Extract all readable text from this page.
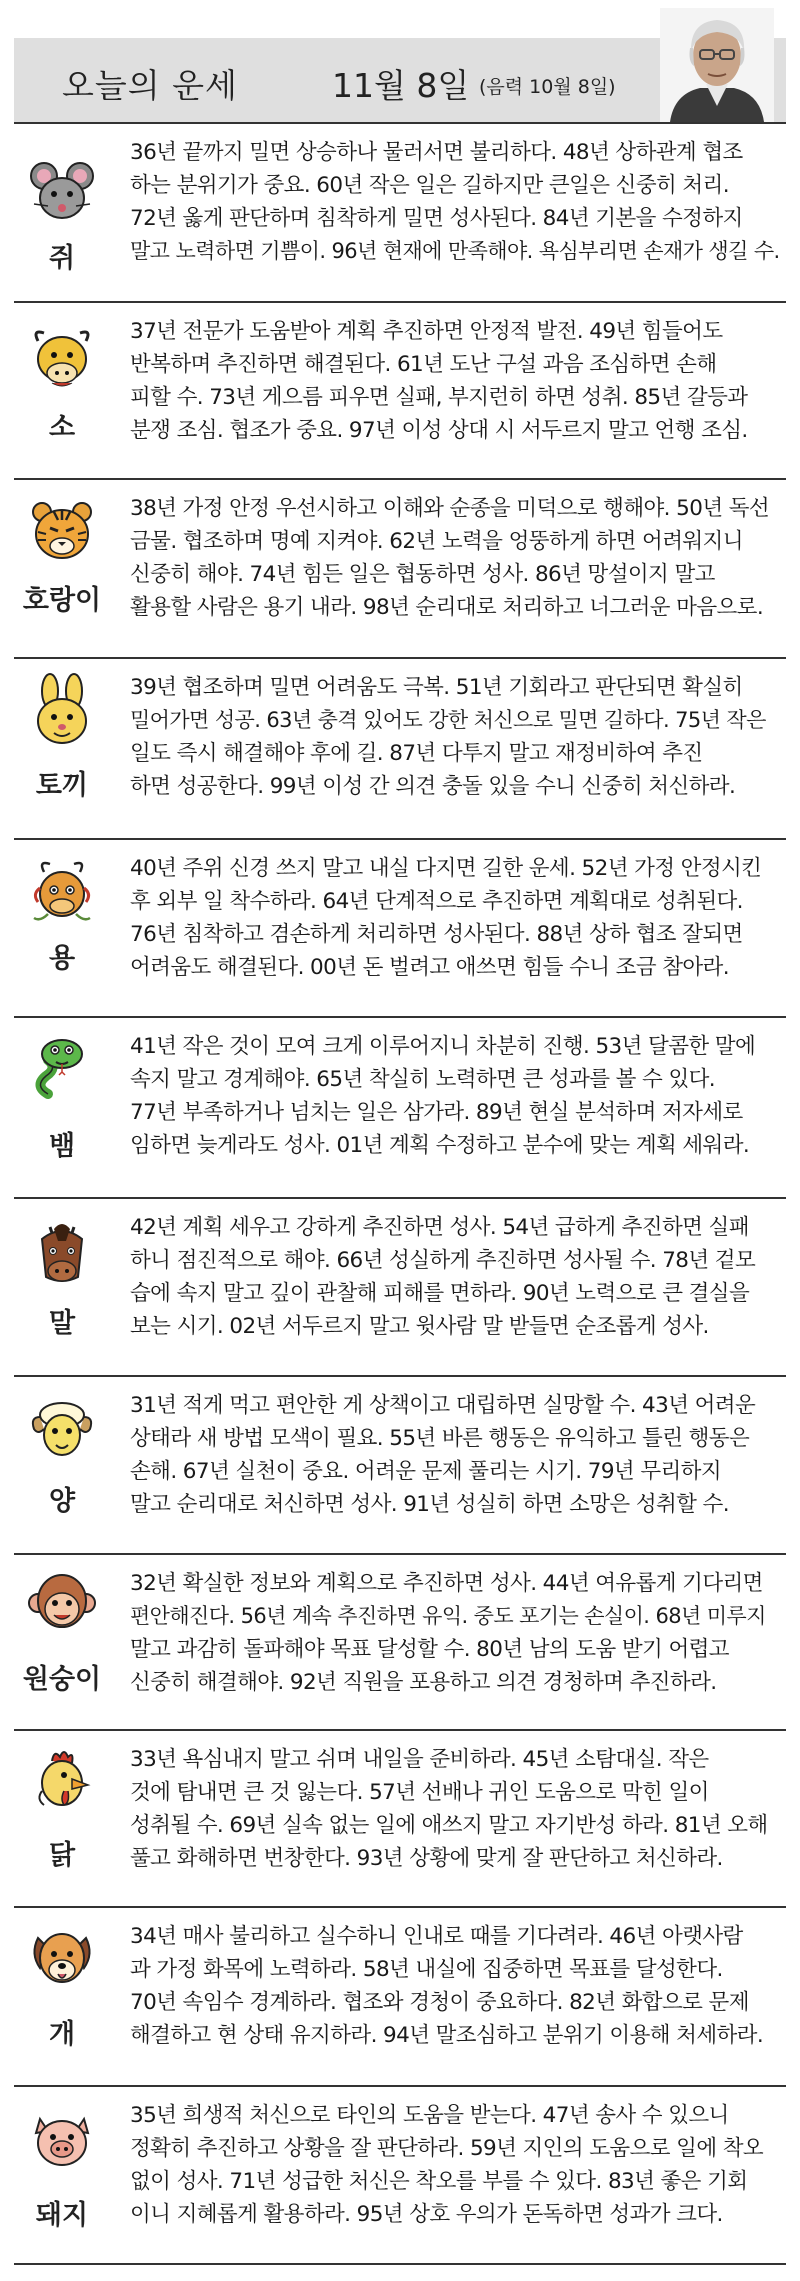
오늘의 운세	11월 8일 (음력 10월 8일)
쥐

36년 끝까지 밀면 상승하나 물러서면 불리하다. 48년 상하관계 협조
하는 분위기가 중요. 60년 작은 일은 길하지만 큰일은 신중히 처리.
72년 옳게 판단하며 침착하게 밀면 성사된다. 84년 기본을 수정하지
말고 노력하면 기쁨이. 96년 현재에 만족해야. 욕심부리면 손재가 생길 수.

소

37년 전문가 도움받아 계획 추진하면 안정적 발전. 49년 힘들어도
반복하며 추진하면 해결된다. 61년 도난 구설 과음 조심하면 손해
피할 수. 73년 게으름 피우면 실패, 부지런히 하면 성취. 85년 갈등과
분쟁 조심. 협조가 중요. 97년 이성 상대 시 서두르지 말고 언행 조심.

호랑이

38년 가정 안정 우선시하고 이해와 순종을 미덕으로 행해야. 50년 독선
금물. 협조하며 명예 지켜야. 62년 노력을 엉뚱하게 하면 어려워지니
신중히 해야. 74년 힘든 일은 협동하면 성사. 86년 망설이지 말고
활용할 사람은 용기 내라. 98년 순리대로 처리하고 너그러운 마음으로.

토끼

39년 협조하며 밀면 어려움도 극복. 51년 기회라고 판단되면 확실히
밀어가면 성공. 63년 충격 있어도 강한 처신으로 밀면 길하다. 75년 작은
일도 즉시 해결해야 후에 길. 87년 다투지 말고 재정비하여 추진
하면 성공한다. 99년 이성 간 의견 충돌 있을 수니 신중히 처신하라.

용

40년 주위 신경 쓰지 말고 내실 다지면 길한 운세. 52년 가정 안정시킨
후 외부 일 착수하라. 64년 단계적으로 추진하면 계획대로 성취된다.
76년 침착하고 겸손하게 처리하면 성사된다. 88년 상하 협조 잘되면
어려움도 해결된다. 00년 돈 벌려고 애쓰면 힘들 수니 조금 참아라.

뱀

41년 작은 것이 모여 크게 이루어지니 차분히 진행. 53년 달콤한 말에
속지 말고 경계해야. 65년 착실히 노력하면 큰 성과를 볼 수 있다.
77년 부족하거나 넘치는 일은 삼가라. 89년 현실 분석하며 저자세로
임하면 늦게라도 성사. 01년 계획 수정하고 분수에 맞는 계획 세워라.

말

42년 계획 세우고 강하게 추진하면 성사. 54년 급하게 추진하면 실패
하니 점진적으로 해야. 66년 성실하게 추진하면 성사될 수. 78년 겉모
습에 속지 말고 깊이 관찰해 피해를 면하라. 90년 노력으로 큰 결실을
보는 시기. 02년 서두르지 말고 윗사람 말 받들면 순조롭게 성사.

양

31년 적게 먹고 편안한 게 상책이고 대립하면 실망할 수. 43년 어려운
상태라 새 방법 모색이 필요. 55년 바른 행동은 유익하고 틀린 행동은
손해. 67년 실천이 중요. 어려운 문제 풀리는 시기. 79년 무리하지
말고 순리대로 처신하면 성사. 91년 성실히 하면 소망은 성취할 수.

원숭이

32년 확실한 정보와 계획으로 추진하면 성사. 44년 여유롭게 기다리면
편안해진다. 56년 계속 추진하면 유익. 중도 포기는 손실이. 68년 미루지
말고 과감히 돌파해야 목표 달성할 수. 80년 남의 도움 받기 어렵고
신중히 해결해야. 92년 직원을 포용하고 의견 경청하며 추진하라.

닭

33년 욕심내지 말고 쉬며 내일을 준비하라. 45년 소탐대실. 작은
것에 탐내면 큰 것 잃는다. 57년 선배나 귀인 도움으로 막힌 일이
성취될 수. 69년 실속 없는 일에 애쓰지 말고 자기반성 하라. 81년 오해
풀고 화해하면 번창한다. 93년 상황에 맞게 잘 판단하고 처신하라.

개

34년 매사 불리하고 실수하니 인내로 때를 기다려라. 46년 아랫사람
과 가정 화목에 노력하라. 58년 내실에 집중하면 목표를 달성한다.
70년 속임수 경계하라. 협조와 경청이 중요하다. 82년 화합으로 문제
해결하고 현 상태 유지하라. 94년 말조심하고 분위기 이용해 처세하라.

돼지

35년 희생적 처신으로 타인의 도움을 받는다. 47년 송사 수 있으니
정확히 추진하고 상황을 잘 판단하라. 59년 지인의 도움으로 일에 착오
없이 성사. 71년 성급한 처신은 착오를 부를 수 있다. 83년 좋은 기회
이니 지혜롭게 활용하라. 95년 상호 우의가 돈독하면 성과가 크다.
